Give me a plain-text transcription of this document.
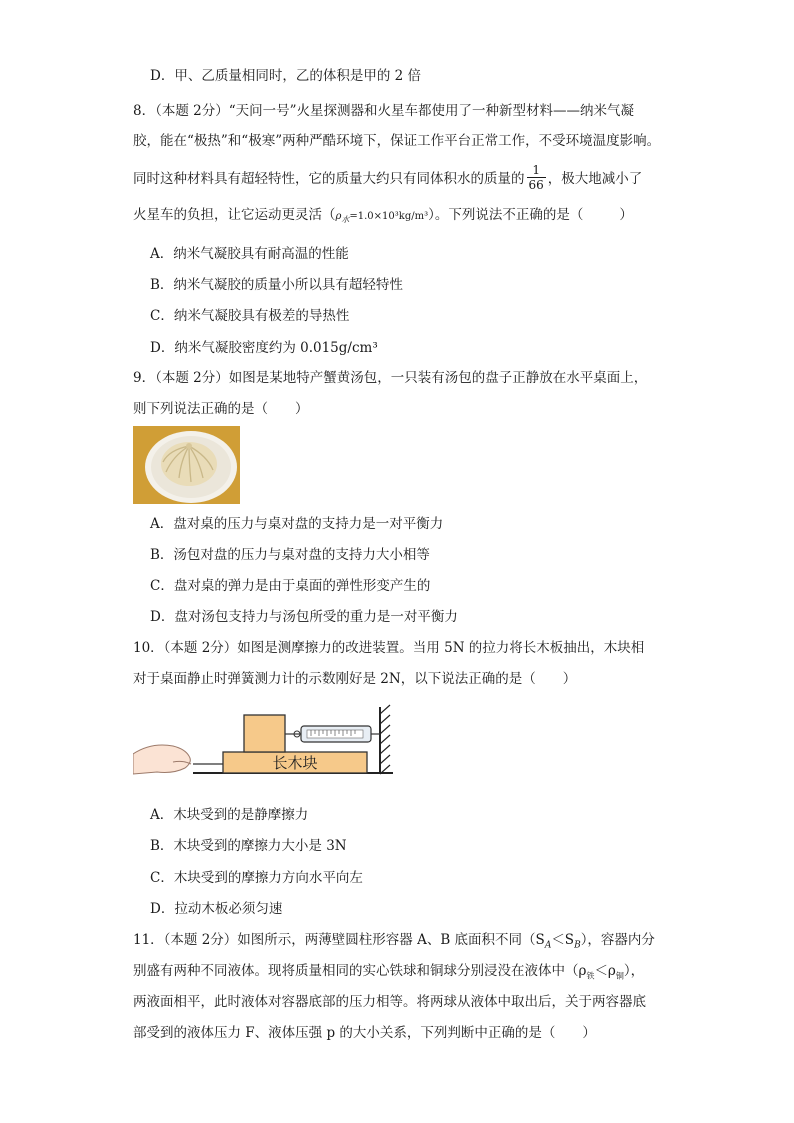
D．甲、乙质量相同时，乙的体积是甲的 2 倍
8．（本题 2分）“天问一号”火星探测器和火星车都使用了一种新型材料——纳米气凝
胶，能在“极热”和“极寒”两种严酷环境下，保证工作平台正常工作，不受环境温度影响。
同时这种材料具有超轻特性，它的质量大约只有同体积水的质量的 $\frac{1}{66}$ ，极大地减小了
火星车的负担，让它运动更灵活$(\rho_水=1.0\times 10^3kg/m^3)$。下列说法不正确的是（	）
A．纳米气凝胶具有耐高温的性能
B．纳米气凝胶的质量小所以具有超轻特性
C．纳米气凝胶具有极差的导热性
D．纳米气凝胶密度约为 0.015g/cm³
9．（本题 2分）如图是某地特产蟹黄汤包，一只装有汤包的盘子正静放在水平桌面上，
则下列说法正确的是（　　）
A．盘对桌的压力与桌对盘的支持力是一对平衡力
B．汤包对盘的压力与桌对盘的支持力大小相等
C．盘对桌的弹力是由于桌面的弹性形变产生的
D．盘对汤包支持力与汤包所受的重力是一对平衡力
10．（本题 2分）如图是测摩擦力的改进装置。当用 5N 的拉力将长木板抽出，木块相
对于桌面静止时弹簧测力计的示数刚好是 2N，以下说法正确的是（　　）
长木块
A．木块受到的是静摩擦力
B．木块受到的摩擦力大小是 3N
C．木块受到的摩擦力方向水平向左
D．拉动木板必须匀速
11．（本题 2分）如图所示，两薄壁圆柱形容器 A、B 底面积不同$(S_A<S_B)$，容器内分
别盛有两种不同液体。现将质量相同的实心铁球和铜球分别浸没在液体中$(\rho_铁<\rho_铜)$，
两液面相平，此时液体对容器底部的压力相等。将两球从液体中取出后，关于两容器底
部受到的液体压力 F、液体压强 p 的大小关系，下列判断中正确的是（　　）
